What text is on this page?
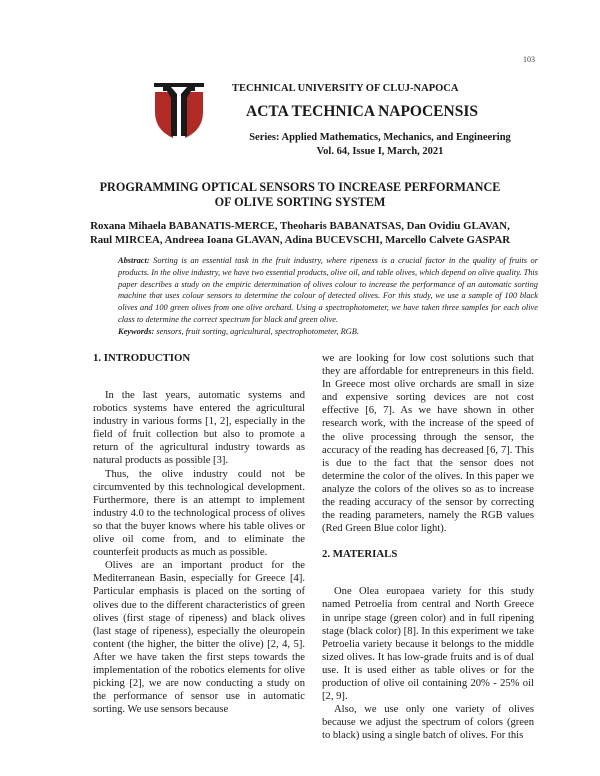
103
TECHNICAL UNIVERSITY OF CLUJ-NAPOCA
ACTA TECHNICA NAPOCENSIS
Series: Applied Mathematics, Mechanics, and Engineering
Vol. 64, Issue I, March, 2021
PROGRAMMING OPTICAL SENSORS TO INCREASE PERFORMANCE
OF OLIVE SORTING SYSTEM
Roxana Mihaela BABANATIS-MERCE, Theoharis BABANATSAS, Dan Ovidiu GLAVAN,
Raul MIRCEA, Andreea Ioana GLAVAN, Adina BUCEVSCHI, Marcello Calvete GASPAR
Abstract: Sorting is an essential task in the fruit industry, where ripeness is a crucial factor in the quality of fruits or products. In the olive industry, we have two essential products, olive oil, and table olives, which depend on olive quality. This paper describes a study on the empiric determination of olives colour to increase the performance of an automatic sorting machine that uses colour sensors to determine the colour of detected olives. For this study, we use a sample of 100 black olives and 100 green olives from one olive orchard. Using a spectrophotometer, we have taken three samples for each olive class to determine the correct spectrum for black and green olive.
Keywords: sensors, fruit sorting, agricultural, spectrophotometer, RGB.
1. INTRODUCTION

In the last years, automatic systems and robotics systems have entered the agricultural industry in various forms [1, 2], especially in the field of fruit collection but also to promote a return of the agricultural industry towards as natural products as possible [3].

Thus, the olive industry could not be circumvented by this technological development. Furthermore, there is an attempt to implement industry 4.0 to the technological process of olives so that the buyer knows where his table olives or olive oil come from, and to eliminate the counterfeit products as much as possible.

Olives are an important product for the Mediterranean Basin, especially for Greece [4]. Particular emphasis is placed on the sorting of olives due to the different characteristics of green olives (first stage of ripeness) and black olives (last stage of ripeness), especially the oleuropein content (the higher, the bitter the olive) [2, 4, 5]. After we have taken the first steps towards the implementation of the robotics elements for olive picking [2], we are now conducting a study on the performance of sensor use in automatic sorting. We use sensors because

we are looking for low cost solutions such that they are affordable for entrepreneurs in this field. In Greece most olive orchards are small in size and expensive sorting devices are not cost effective [6, 7]. As we have shown in other research work, with the increase of the speed of the olive processing through the sensor, the accuracy of the reading has decreased [6, 7]. This is due to the fact that the sensor does not determine the color of the olives. In this paper we analyze the colors of the olives so as to increase the reading accuracy of the sensor by correcting the reading parameters, namely the RGB values (Red Green Blue color light).

2. MATERIALS

One Olea europaea variety for this study named Petroelia from central and North Greece in unripe stage (green color) and in full ripening stage (black color) [8]. In this experiment we take Petroelia variety because it belongs to the middle sized olives. It has low-grade fruits and is of dual use. It is used either as table olives or for the production of olive oil containing 20% - 25% oil [2, 9].

Also, we use only one variety of olives because we adjust the spectrum of colors (green to black) using a single batch of olives. For this
